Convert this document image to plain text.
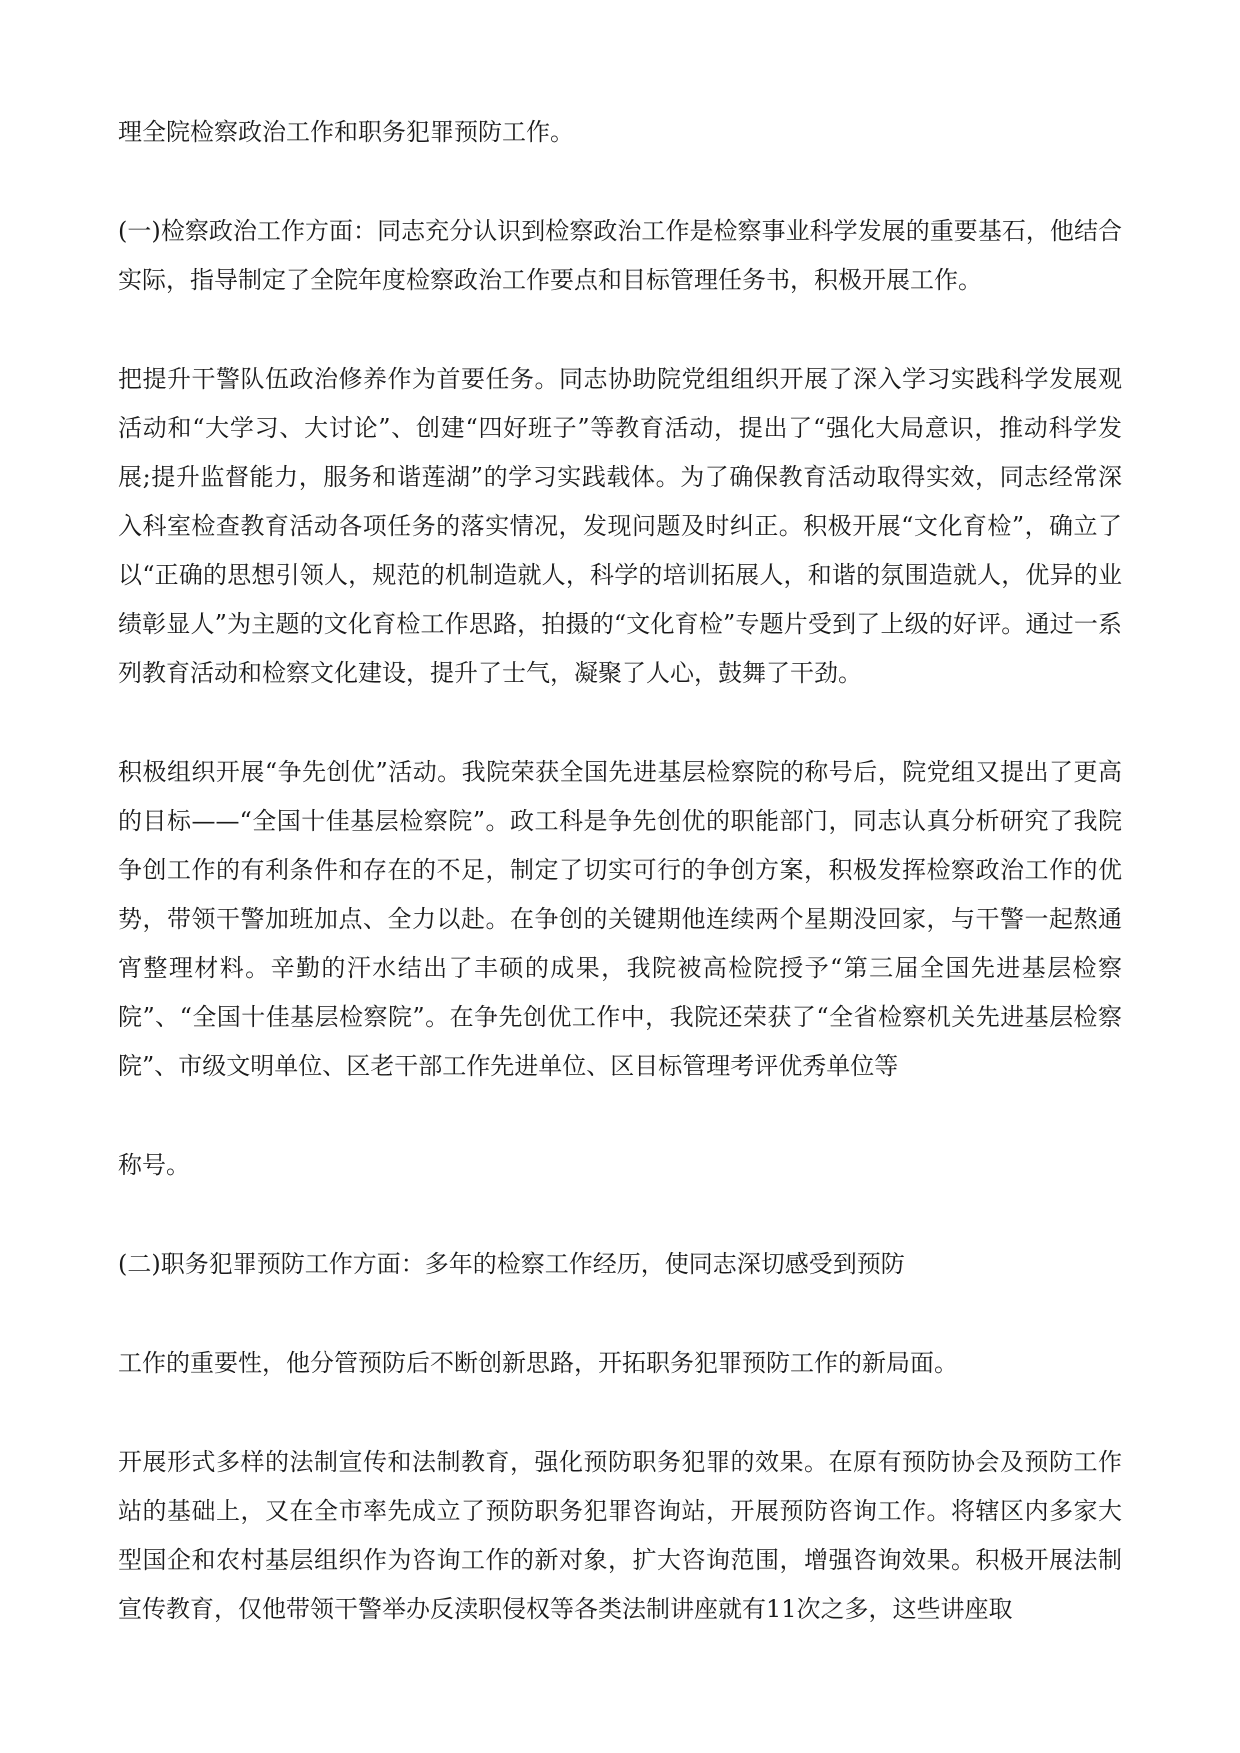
理全院检察政治工作和职务犯罪预防工作。

(一)检察政治工作方面：同志充分认识到检察政治工作是检察事业科学发展的重要基石，他结合实际，指导制定了全院年度检察政治工作要点和目标管理任务书，积极开展工作。

把提升干警队伍政治修养作为首要任务。同志协助院党组组织开展了深入学习实践科学发展观活动和“大学习、大讨论”、创建“四好班子”等教育活动，提出了“强化大局意识，推动科学发展;提升监督能力，服务和谐莲湖”的学习实践载体。为了确保教育活动取得实效，同志经常深入科室检查教育活动各项任务的落实情况，发现问题及时纠正。积极开展“文化育检”，确立了以“正确的思想引领人，规范的机制造就人，科学的培训拓展人，和谐的氛围造就人，优异的业绩彰显人”为主题的文化育检工作思路，拍摄的“文化育检”专题片受到了上级的好评。通过一系列教育活动和检察文化建设，提升了士气，凝聚了人心，鼓舞了干劲。

积极组织开展“争先创优”活动。我院荣获全国先进基层检察院的称号后，院党组又提出了更高的目标——“全国十佳基层检察院”。政工科是争先创优的职能部门，同志认真分析研究了我院争创工作的有利条件和存在的不足，制定了切实可行的争创方案，积极发挥检察政治工作的优势，带领干警加班加点、全力以赴。在争创的关键期他连续两个星期没回家，与干警一起熬通宵整理材料。辛勤的汗水结出了丰硕的成果，我院被高检院授予“第三届全国先进基层检察院”、“全国十佳基层检察院”。在争先创优工作中，我院还荣获了“全省检察机关先进基层检察院”、市级文明单位、区老干部工作先进单位、区目标管理考评优秀单位等

称号。

(二)职务犯罪预防工作方面：多年的检察工作经历，使同志深切感受到预防

工作的重要性，他分管预防后不断创新思路，开拓职务犯罪预防工作的新局面。

开展形式多样的法制宣传和法制教育，强化预防职务犯罪的效果。在原有预防协会及预防工作站的基础上，又在全市率先成立了预防职务犯罪咨询站，开展预防咨询工作。将辖区内多家大型国企和农村基层组织作为咨询工作的新对象，扩大咨询范围，增强咨询效果。积极开展法制宣传教育，仅他带领干警举办反渎职侵权等各类法制讲座就有11次之多，这些讲座取
